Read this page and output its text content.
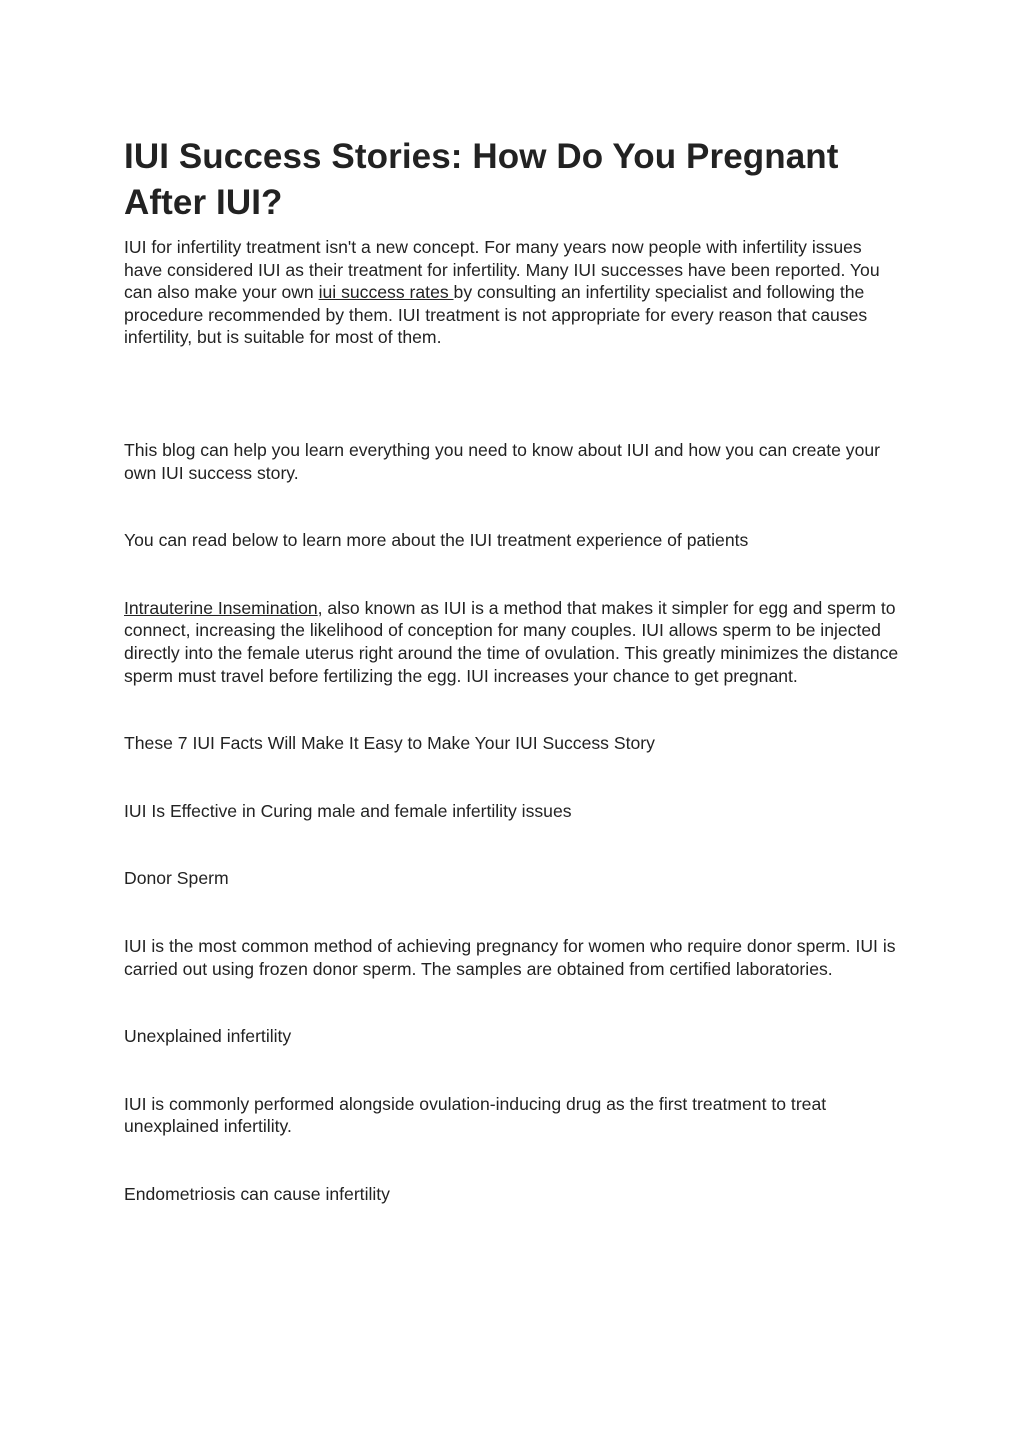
IUI Success Stories: How Do You Pregnant After IUI?

IUI for infertility treatment isn't a new concept. For many years now people with infertility issues have considered IUI as their treatment for infertility. Many IUI successes have been reported. You can also make your own iui success rates by consulting an infertility specialist and following the procedure recommended by them. IUI treatment is not appropriate for every reason that causes infertility, but is suitable for most of them.

This blog can help you learn everything you need to know about IUI and how you can create your own IUI success story.

You can read below to learn more about the IUI treatment experience of patients

Intrauterine Insemination, also known as IUI is a method that makes it simpler for egg and sperm to connect, increasing the likelihood of conception for many couples. IUI allows sperm to be injected directly into the female uterus right around the time of ovulation. This greatly minimizes the distance sperm must travel before fertilizing the egg. IUI increases your chance to get pregnant.

These 7 IUI Facts Will Make It Easy to Make Your IUI Success Story

IUI Is Effective in Curing male and female infertility issues

Donor Sperm

IUI is the most common method of achieving pregnancy for women who require donor sperm. IUI is carried out using frozen donor sperm. The samples are obtained from certified laboratories.

Unexplained infertility

IUI is commonly performed alongside ovulation-inducing drug as the first treatment to treat unexplained infertility.

Endometriosis can cause infertility
